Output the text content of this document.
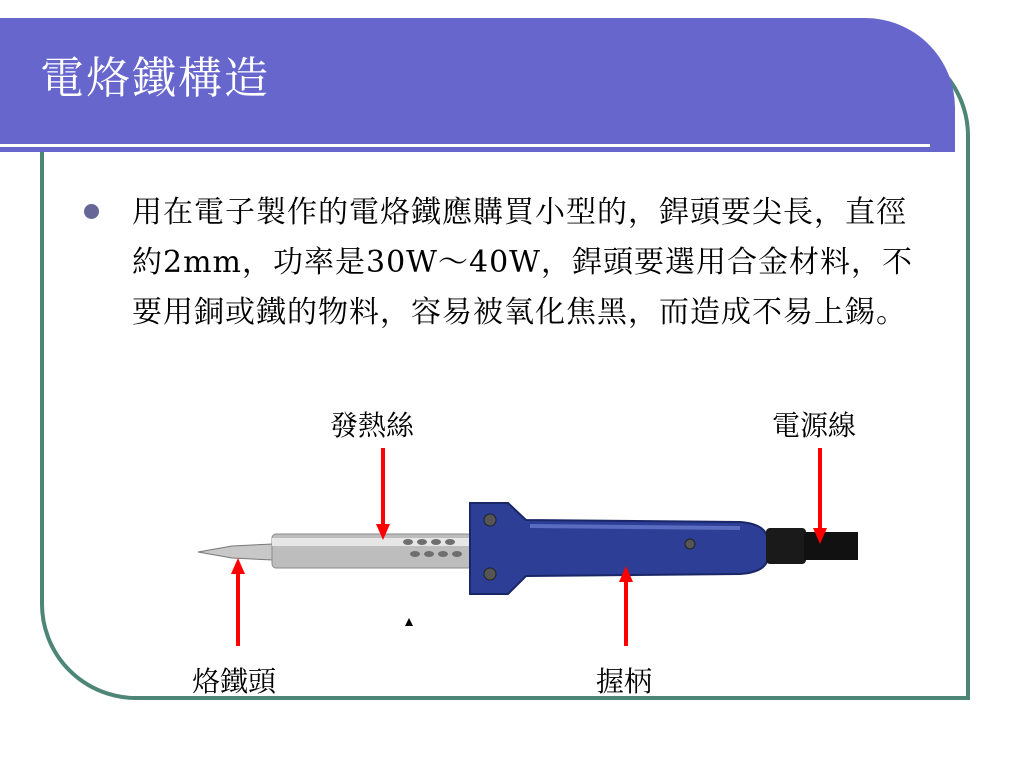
電烙鐵構造
用在電子製作的電烙鐵應購買小型的，銲頭要尖長，直徑約2mm，功率是30W～40W，銲頭要選用合金材料，不要用銅或鐵的物料，容易被氧化焦黑，而造成不易上錫。
發熱絲	電源線
烙鐵頭	握柄
